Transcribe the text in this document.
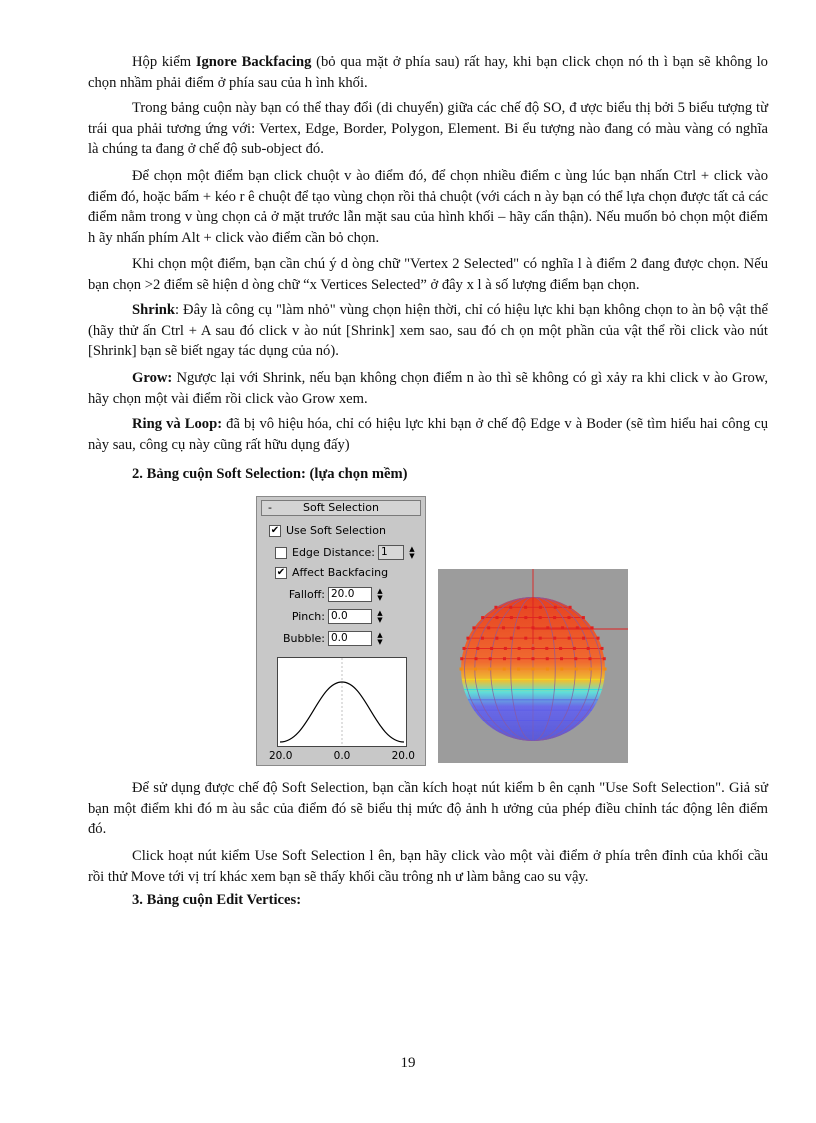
Hộp kiểm Ignore Backfacing (bỏ qua mặt ở phía sau) rất hay, khi bạn click chọn nó th ì bạn sẽ không lo chọn nhầm phải điểm ở phía sau của h ình khối.

Trong bảng cuộn này bạn có thể thay đổi (di chuyển) giữa các chế độ SO, đ ược biểu thị bởi 5 biểu tượng từ trái qua phải tương ứng với: Vertex, Edge, Border, Polygon, Element. Bi ểu tượng nào đang có màu vàng có nghĩa là chúng ta đang ở chế độ sub-object đó.

Để chọn một điểm bạn click chuột v ào điểm đó, để chọn nhiều điểm c ùng lúc bạn nhấn Ctrl + click vào điểm đó, hoặc bấm + kéo r ê chuột để tạo vùng chọn rồi thả chuột (với cách n ày bạn có thể lựa chọn được tất cả các điểm nằm trong v ùng chọn cả ở mặt trước lẫn mặt sau của hình khối – hãy cẩn thận). Nếu muốn bỏ chọn một điểm h ãy nhấn phím Alt + click vào điểm cần bỏ chọn.

Khi chọn một điểm, bạn cần chú ý d òng chữ "Vertex 2 Selected" có nghĩa l à điểm 2 đang được chọn. Nếu bạn chọn >2 điểm sẽ hiện d òng chữ “x Vertices Selected” ở đây x l à số lượng điểm bạn chọn.

Shrink: Đây là công cụ "làm nhỏ" vùng chọn hiện thời, chỉ có hiệu lực khi bạn không chọn to àn bộ vật thể (hãy thử ấn Ctrl + A sau đó click v ào nút [Shrink] xem sao, sau đó ch ọn một phần của vật thể rồi click vào nút [Shrink] bạn sẽ biết ngay tác dụng của nó).

Grow: Ngược lại với Shrink, nếu bạn không chọn điểm n ào thì sẽ không có gì xảy ra khi click v ào Grow, hãy chọn một vài điểm rồi click vào Grow xem.

Ring và Loop: đã bị vô hiệu hóa, chỉ có hiệu lực khi bạn ở chế độ Edge v à Boder (sẽ tìm hiểu hai công cụ này sau, công cụ này cũng rất hữu dụng đấy)

2. Bảng cuộn Soft Selection: (lựa chọn mềm)

-	Soft Selection
✔ Use Soft Selection
Edge Distance: 1	▲
▼
✔ Affect Backfacing
Falloff: 20.0	▲
▼
Pinch: 0.0	▲
▼
Bubble: 0.0	▲
▼
20.0	0.0	20.0

Để sử dụng được chế độ Soft Selection, bạn cần kích hoạt nút kiểm b ên cạnh "Use Soft Selection". Giả sử bạn một điểm khi đó m àu sắc của điểm đó sẽ biểu thị mức độ ảnh h ưởng của phép điều chỉnh tác động lên điểm đó.

Click hoạt nút kiểm Use Soft Selection l ên, bạn hãy click vào một vài điểm ở phía trên đỉnh của khối cầu rồi thử Move tới vị trí khác xem bạn sẽ thấy khối cầu trông nh ư làm bằng cao su vậy.

3. Bảng cuộn Edit Vertices:

19
